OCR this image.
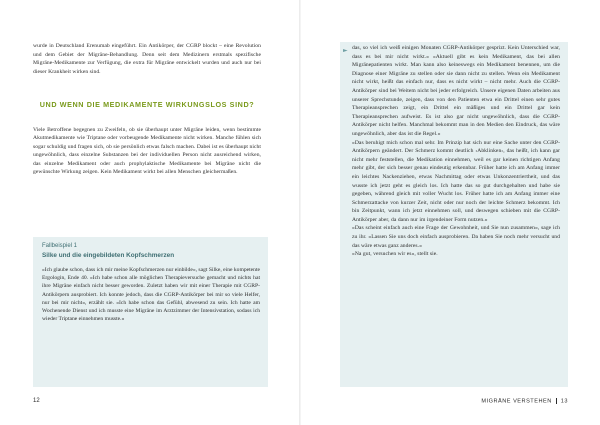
wurde in Deutschland Erenumab eingeführt. Ein Antikörper, der CGRP blockt – eine Revolution und dem Gebiet der Migräne-Behandlung. Denn seit dem Medizinern erstmals spezifische Migräne-Medikamente zur Verfügung, die extra für Migräne entwickelt wurden und auch nur bei dieser Krankheit wirken sind.

UND WENN DIE MEDIKAMENTE WIRKUNGSLOS SIND?

Viele Betroffene begegnen zu Zweifeln, ob sie überhaupt unter Migräne leiden, wenn bestimmte Akutmedikamente wie Triptane oder vorbeugende Medikamente nicht wirken. Manche fühlen sich sogar schuldig und fragen sich, ob sie persönlich etwas falsch machen. Dabei ist es überhaupt nicht ungewöhnlich, dass einzelne Substanzen bei der individuellen Person nicht ausreichend wirken, das einzelne Medikament oder auch prophylaktische Medikamente bei Migräne nicht die gewünschte Wirkung zeigen. Kein Medikament wirkt bei allen Menschen gleichermaßen.

Fallbeispiel 1

Silke und die eingebildeten Kopfschmerzen

»Ich glaube schon, dass ich mir meine Kopfschmerzen nur einbilde«, sagt Silke, eine kompetente Ergologin, Ende 40. »Ich habe schon alle möglichen Therapieversuche gemacht und nichts hat ihre Migräne einfach nicht besser geworden. Zuletzt haben wir mit einer Therapie mit CGRP-Antikörpern ausprobiert. Ich konnte jedoch, dass die CGRP-Antikörper bei mir so viele Helfer, nur bei mir nicht«, erzählt sie. »Ich habe schon das Gefühl, abwesend zu sein. Ich hatte am Wochenende Dienst und ich musste eine Migräne im Arztzimmer der Intensivstation, sodass ich wieder Triptane einnehmen musste.«

12	MIGRÄNE VERSTEHEN 13
► das, so viel ich weiß einigen Monaten CGRP-Antikörper gesprizt. Kein Unterschied war, dass es bei mir nicht wirkt.« »Aktuell gibt es kein Medikament, das bei allen Migränepatienten wirkt. Man kann also keineswegs ein Medikament benennen, um die Diagnose einer Migräne zu stellen oder sie dann nicht zu stellen. Wenn ein Medikament nicht wirkt, heißt das einfach nur, dass es nicht wirkt – nicht mehr. Auch die CGRP-Antikörper sind bei Weitem nicht bei jeder erfolgreich. Unsere eigenen Daten arbeiten aus unserer Sprechstunde, zeigen, dass von den Patienten etwa ein Drittel einen sehr gutes Therapieansprechen zeigt, ein Drittel ein mäßiges und ein Drittel gar kein Therapieansprechen aufweist. Es ist also gar nicht ungewöhnlich, dass die CGRP-Antikörper nicht helfen. Manchmal bekommt man in den Medien den Eindruck, das wäre ungewöhnlich, aber das ist die Regel.«

»Das beruhigt mich schon mal sehr. Im Prinzip hat sich nur eine Sache unter den CGRP-Antikörpern geändert. Der Schmerz kommt deutlich ›Abklinken‹, das heißt, ich kann gar nicht mehr feststellen, die Medikation einnehmen, weil es gar keinen richtigen Anfang mehr gibt, der sich besser genau eindeutig erkennbar. Früher hatte ich am Anfang immer ein leichtes Nackenziehen, etwas Nachmittag oder etwas Unkonzentriertheit, und das wusste ich jetzt geht es gleich los. Ich hatte das so gut durchgehalten und habe sie gegeben, während gleich mit voller Wucht los. Früher hatte ich am Anfang immer eine Schmerzattacke von kurzer Zeit, nicht oder nur noch der leichte Schmerz bekommt. Ich bin Zeitpunkt, wann ich jetzt einnehmen soll, und deswegen schieben mit die CGRP-Antikörper aber, da dann nur im irgendeiner Form nutzen.«

»Das scheint einfach auch eine Frage der Gewohnheit, und Sie nun zusammen«, sage ich zu ihr. »Lassen Sie uns doch einfach ausprobieren. Da haben Sie noch mehr versucht und das wäre etwas ganz anderes.«

»Na gut, versuchen wir es«, stellt sie.
